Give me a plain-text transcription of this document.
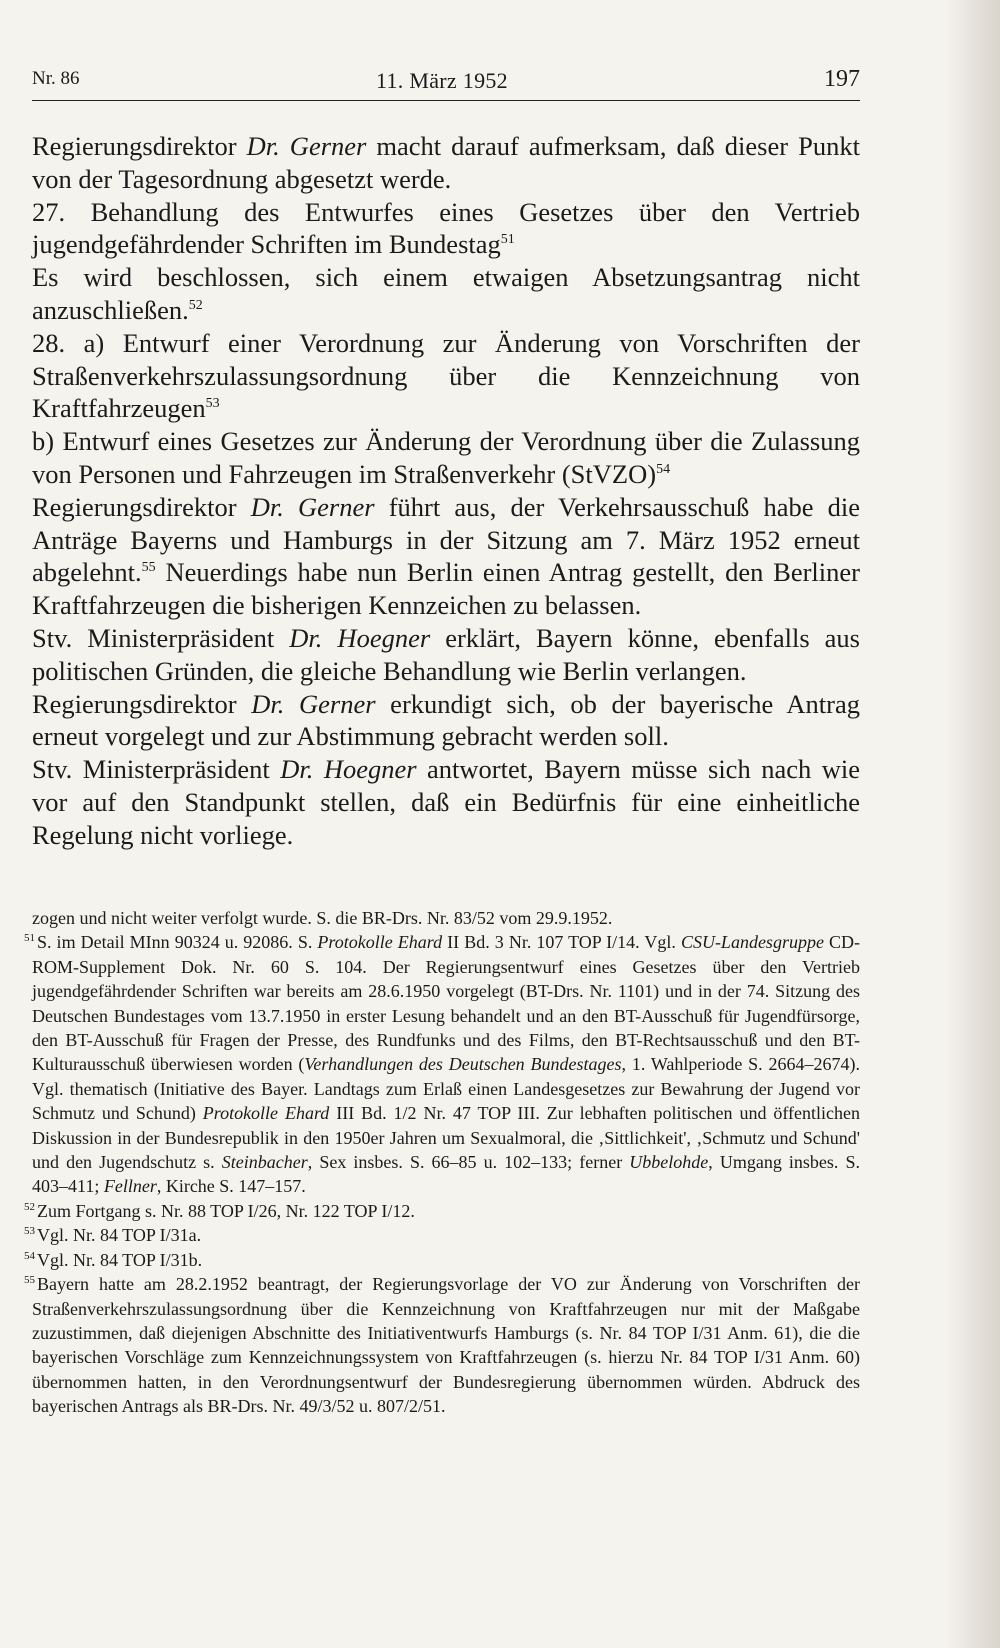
Nr. 86	11. März 1952	197

Regierungsdirektor Dr. Gerner macht darauf aufmerksam, daß dieser Punkt von der Tagesordnung abgesetzt werde.

27. Behandlung des Entwurfes eines Gesetzes über den Vertrieb jugendgefährdender Schriften im Bundestag$^{51}$

Es wird beschlossen, sich einem etwaigen Absetzungsantrag nicht anzuschließen.$^{52}$

28. a) Entwurf einer Verordnung zur Änderung von Vorschriften der Straßenverkehrszulassungsordnung über die Kennzeichnung von Kraftfahrzeugen$^{53}$

b) Entwurf eines Gesetzes zur Änderung der Verordnung über die Zulassung von Personen und Fahrzeugen im Straßenverkehr (StVZO)$^{54}$

Regierungsdirektor Dr. Gerner führt aus, der Verkehrsausschuß habe die Anträge Bayerns und Hamburgs in der Sitzung am 7. März 1952 erneut abgelehnt.$^{55}$ Neuerdings habe nun Berlin einen Antrag gestellt, den Berliner Kraftfahrzeugen die bisherigen Kennzeichen zu belassen.

Stv. Ministerpräsident Dr. Hoegner erklärt, Bayern könne, ebenfalls aus politischen Gründen, die gleiche Behandlung wie Berlin verlangen.

Regierungsdirektor Dr. Gerner erkundigt sich, ob der bayerische Antrag erneut vorgelegt und zur Abstimmung gebracht werden soll.

Stv. Ministerpräsident Dr. Hoegner antwortet, Bayern müsse sich nach wie vor auf den Standpunkt stellen, daß ein Bedürfnis für eine einheitliche Regelung nicht vorliege.

zogen und nicht weiter verfolgt wurde. S. die BR-Drs. Nr. 83/52 vom 29.9.1952.

$^{51}$ S. im Detail MInn 90324 u. 92086. S. Protokolle Ehard II Bd. 3 Nr. 107 TOP I/14. Vgl. CSU-Landesgruppe CD-ROM-Supplement Dok. Nr. 60 S. 104. Der Regierungsentwurf eines Gesetzes über den Vertrieb jugendgefährdender Schriften war bereits am 28.6.1950 vorgelegt (BT-Drs. Nr. 1101) und in der 74. Sitzung des Deutschen Bundestages vom 13.7.1950 in erster Lesung behandelt und an den BT-Ausschuß für Jugendfürsorge, den BT-Ausschuß für Fragen der Presse, des Rundfunks und des Films, den BT-Rechtsausschuß und den BT-Kulturausschuß überwiesen worden (Verhandlungen des Deutschen Bundestages, 1. Wahlperiode S. 2664–2674). Vgl. thematisch (Initiative des Bayer. Landtags zum Erlaß einen Landesgesetzes zur Bewahrung der Jugend vor Schmutz und Schund) Protokolle Ehard III Bd. 1/2 Nr. 47 TOP III. Zur lebhaften politischen und öffentlichen Diskussion in der Bundesrepublik in den 1950er Jahren um Sexualmoral, die ‚Sittlichkeit', ‚Schmutz und Schund' und den Jugendschutz s. Steinbacher, Sex insbes. S. 66–85 u. 102–133; ferner Ubbelohde, Umgang insbes. S. 403–411; Fellner, Kirche S. 147–157.

$^{52}$ Zum Fortgang s. Nr. 88 TOP I/26, Nr. 122 TOP I/12.

$^{53}$ Vgl. Nr. 84 TOP I/31a.

$^{54}$ Vgl. Nr. 84 TOP I/31b.

$^{55}$ Bayern hatte am 28.2.1952 beantragt, der Regierungsvorlage der VO zur Änderung von Vorschriften der Straßenverkehrszulassungsordnung über die Kennzeichnung von Kraftfahrzeugen nur mit der Maßgabe zuzustimmen, daß diejenigen Abschnitte des Initiativentwurfs Hamburgs (s. Nr. 84 TOP I/31 Anm. 61), die die bayerischen Vorschläge zum Kennzeichnungssystem von Kraftfahrzeugen (s. hierzu Nr. 84 TOP I/31 Anm. 60) übernommen hatten, in den Verordnungsentwurf der Bundesregierung übernommen würden. Abdruck des bayerischen Antrags als BR-Drs. Nr. 49/3/52 u. 807/2/51.
